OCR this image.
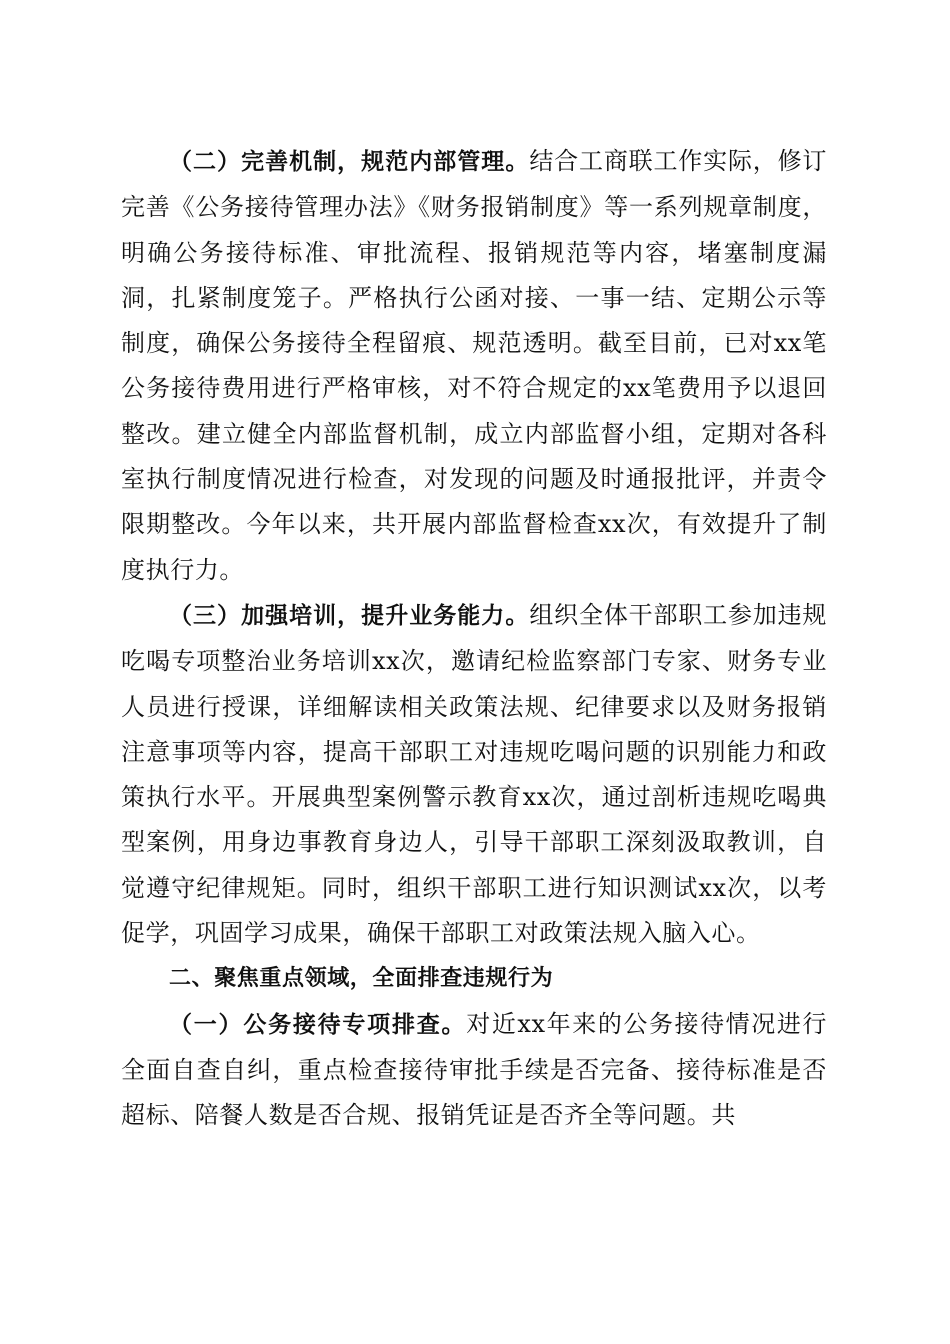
（二）完善机制，规范内部管理。结合工商联工作实际，修订完善《公务接待管理办法》《财务报销制度》等一系列规章制度，明确公务接待标准、审批流程、报销规范等内容，堵塞制度漏洞，扎紧制度笼子。严格执行公函对接、一事一结、定期公示等制度，确保公务接待全程留痕、规范透明。截至目前，已对xx笔公务接待费用进行严格审核，对不符合规定的xx笔费用予以退回整改。建立健全内部监督机制，成立内部监督小组，定期对各科室执行制度情况进行检查，对发现的问题及时通报批评，并责令限期整改。今年以来，共开展内部监督检查xx次，有效提升了制度执行力。

（三）加强培训，提升业务能力。组织全体干部职工参加违规吃喝专项整治业务培训xx次，邀请纪检监察部门专家、财务专业人员进行授课，详细解读相关政策法规、纪律要求以及财务报销注意事项等内容，提高干部职工对违规吃喝问题的识别能力和政策执行水平。开展典型案例警示教育xx次，通过剖析违规吃喝典型案例，用身边事教育身边人，引导干部职工深刻汲取教训，自觉遵守纪律规矩。同时，组织干部职工进行知识测试xx次，以考促学，巩固学习成果，确保干部职工对政策法规入脑入心。

二、聚焦重点领域，全面排查违规行为

（一）公务接待专项排查。对近xx年来的公务接待情况进行全面自查自纠，重点检查接待审批手续是否完备、接待标准是否超标、陪餐人数是否合规、报销凭证是否齐全等问题。共
